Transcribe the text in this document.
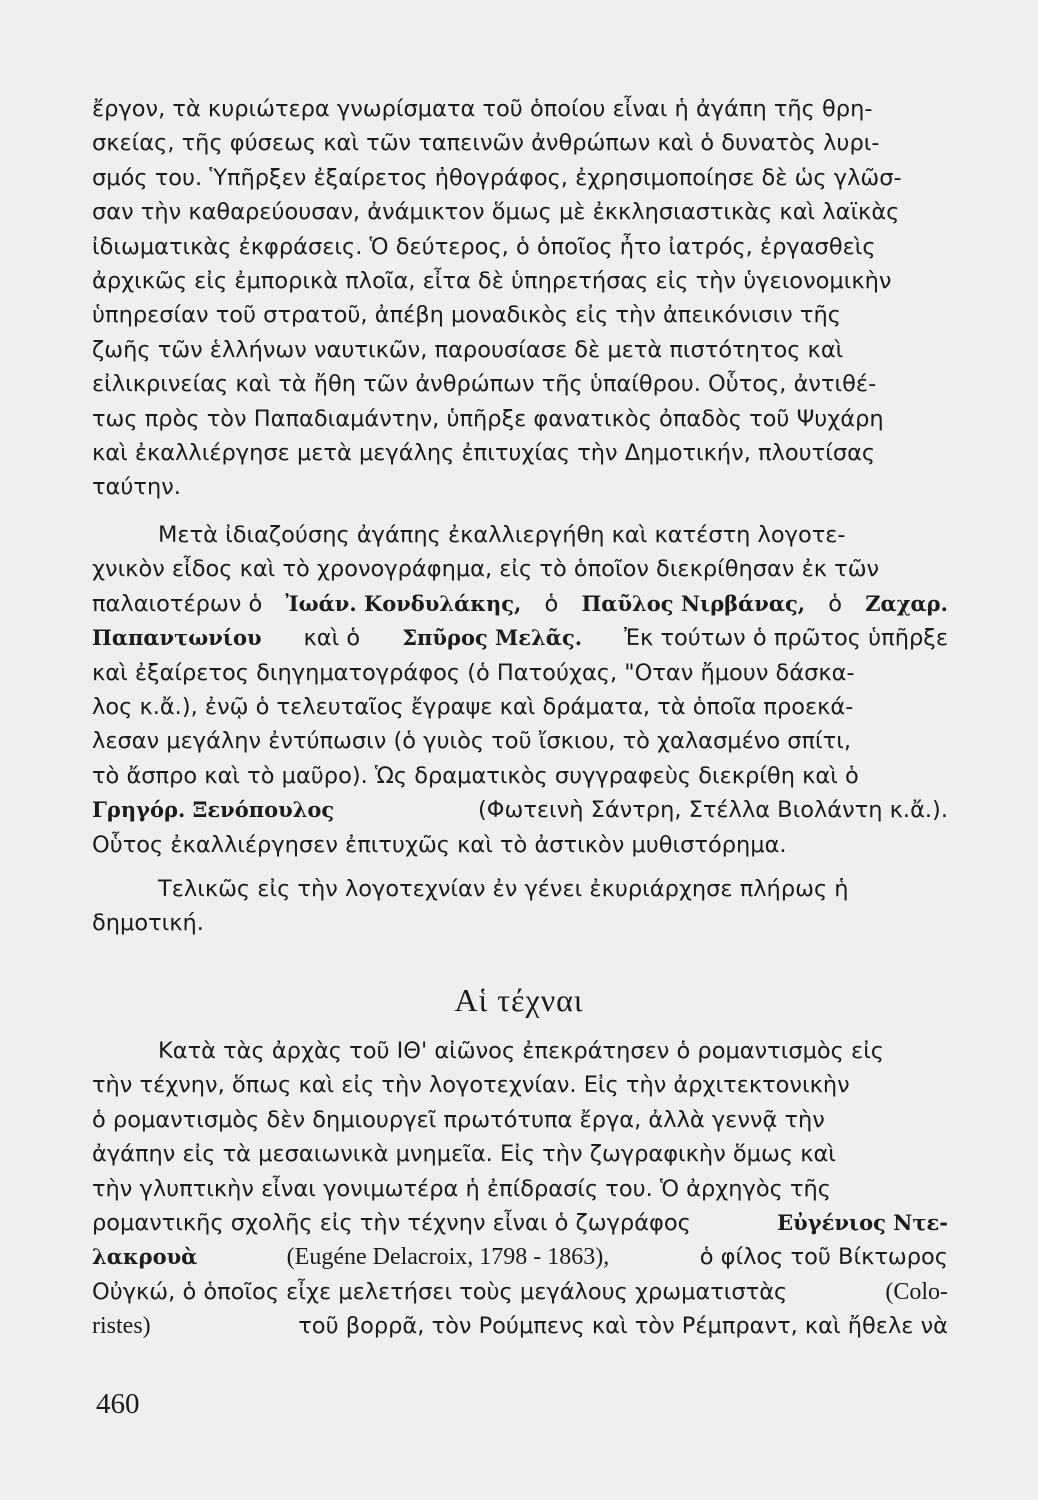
ἔργον, τὰ κυριώτερα γνωρίσματα τοῦ ὁποίου εἶναι ἡ ἀγάπη τῆς θρη-
σκείας, τῆς φύσεως καὶ τῶν ταπεινῶν ἀνθρώπων καὶ ὁ δυνατὸς λυρι-
σμός του. Ὑπῆρξεν ἐξαίρετος ἠθογράφος, ἐχρησιμοποίησε δὲ ὡς γλῶσ-
σαν τὴν καθαρεύουσαν, ἀνάμικτον ὅμως μὲ ἐκκλησιαστικὰς καὶ λαϊκὰς
ἰδιωματικὰς ἐκφράσεις. Ὁ δεύτερος, ὁ ὁποῖος ἦτο ἰατρός, ἐργασθεὶς
ἀρχικῶς εἰς ἐμπορικὰ πλοῖα, εἶτα δὲ ὑπηρετήσας εἰς τὴν ὑγειονομικὴν
ὑπηρεσίαν τοῦ στρατοῦ, ἀπέβη μοναδικὸς εἰς τὴν ἀπεικόνισιν τῆς
ζωῆς τῶν ἑλλήνων ναυτικῶν, παρουσίασε δὲ μετὰ πιστότητος καὶ
εἰλικρινείας καὶ τὰ ἤθη τῶν ἀνθρώπων τῆς ὑπαίθρου. Οὗτος, ἀντιθέ-
τως πρὸς τὸν Παπαδιαμάντην, ὑπῆρξε φανατικὸς ὀπαδὸς τοῦ Ψυχάρη
καὶ ἐκαλλιέργησε μετὰ μεγάλης ἐπιτυχίας τὴν Δημοτικήν, πλουτίσας
ταύτην.
Μετὰ ἰδιαζούσης ἀγάπης ἐκαλλιεργήθη καὶ κατέστη λογοτε-
χνικὸν εἶδος καὶ τὸ χρονογράφημα, εἰς τὸ ὁποῖον διεκρίθησαν ἐκ τῶν
παλαιοτέρων ὁ Ἰωάν. Κονδυλάκης, ὁ Παῦλος Νιρβάνας, ὁ Ζαχαρ.
Παπαντωνίου καὶ ὁ Σπῦρος Μελᾶς. Ἐκ τούτων ὁ πρῶτος ὑπῆρξε
καὶ ἐξαίρετος διηγηματογράφος (ὁ Πατούχας, "Οταν ἤμουν δάσκα-
λος κ.ἄ.), ἐνῷ ὁ τελευταῖος ἔγραψε καὶ δράματα, τὰ ὁποῖα προεκά-
λεσαν μεγάλην ἐντύπωσιν (ὁ γυιὸς τοῦ ἴσκιου, τὸ χαλασμένο σπίτι,
τὸ ἄσπρο καὶ τὸ μαῦρο). Ὡς δραματικὸς συγγραφεὺς διεκρίθη καὶ ὁ
Γρηγόρ. Ξενόπουλος	(Φωτεινὴ Σάντρη, Στέλλα Βιολάντη κ.ἄ.).
Οὗτος ἐκαλλιέργησεν ἐπιτυχῶς καὶ τὸ ἀστικὸν μυθιστόρημα.
Τελικῶς εἰς τὴν λογοτεχνίαν ἐν γένει ἐκυριάρχησε πλήρως ἡ
δημοτική.
Αἱ τέχναι
Κατὰ τὰς ἀρχὰς τοῦ ΙΘ' αἰῶνος ἐπεκράτησεν ὁ ρομαντισμὸς εἰς
τὴν τέχνην, ὅπως καὶ εἰς τὴν λογοτεχνίαν. Εἰς τὴν ἀρχιτεκτονικὴν
ὁ ρομαντισμὸς δὲν δημιουργεῖ πρωτότυπα ἔργα, ἀλλὰ γεννᾷ τὴν
ἀγάπην εἰς τὰ μεσαιωνικὰ μνημεῖα. Εἰς τὴν ζωγραφικὴν ὅμως καὶ
τὴν γλυπτικὴν εἶναι γονιμωτέρα ἡ ἐπίδρασίς του. Ὁ ἀρχηγὸς τῆς
ρομαντικῆς σχολῆς εἰς τὴν τέχνην εἶναι ὁ ζωγράφος	Εὐγένιος Ντε-
λακρουὰ	(Eugéne Delacroix, 1798 - 1863),	ὁ φίλος τοῦ Βίκτωρος
Οὐγκώ, ὁ ὁποῖος εἶχε μελετήσει τοὺς μεγάλους χρωματιστὰς	(Colo-
ristes)	τοῦ βορρᾶ, τὸν Ρούμπενς καὶ τὸν Ρέμπραντ, καὶ ἤθελε νὰ
460
